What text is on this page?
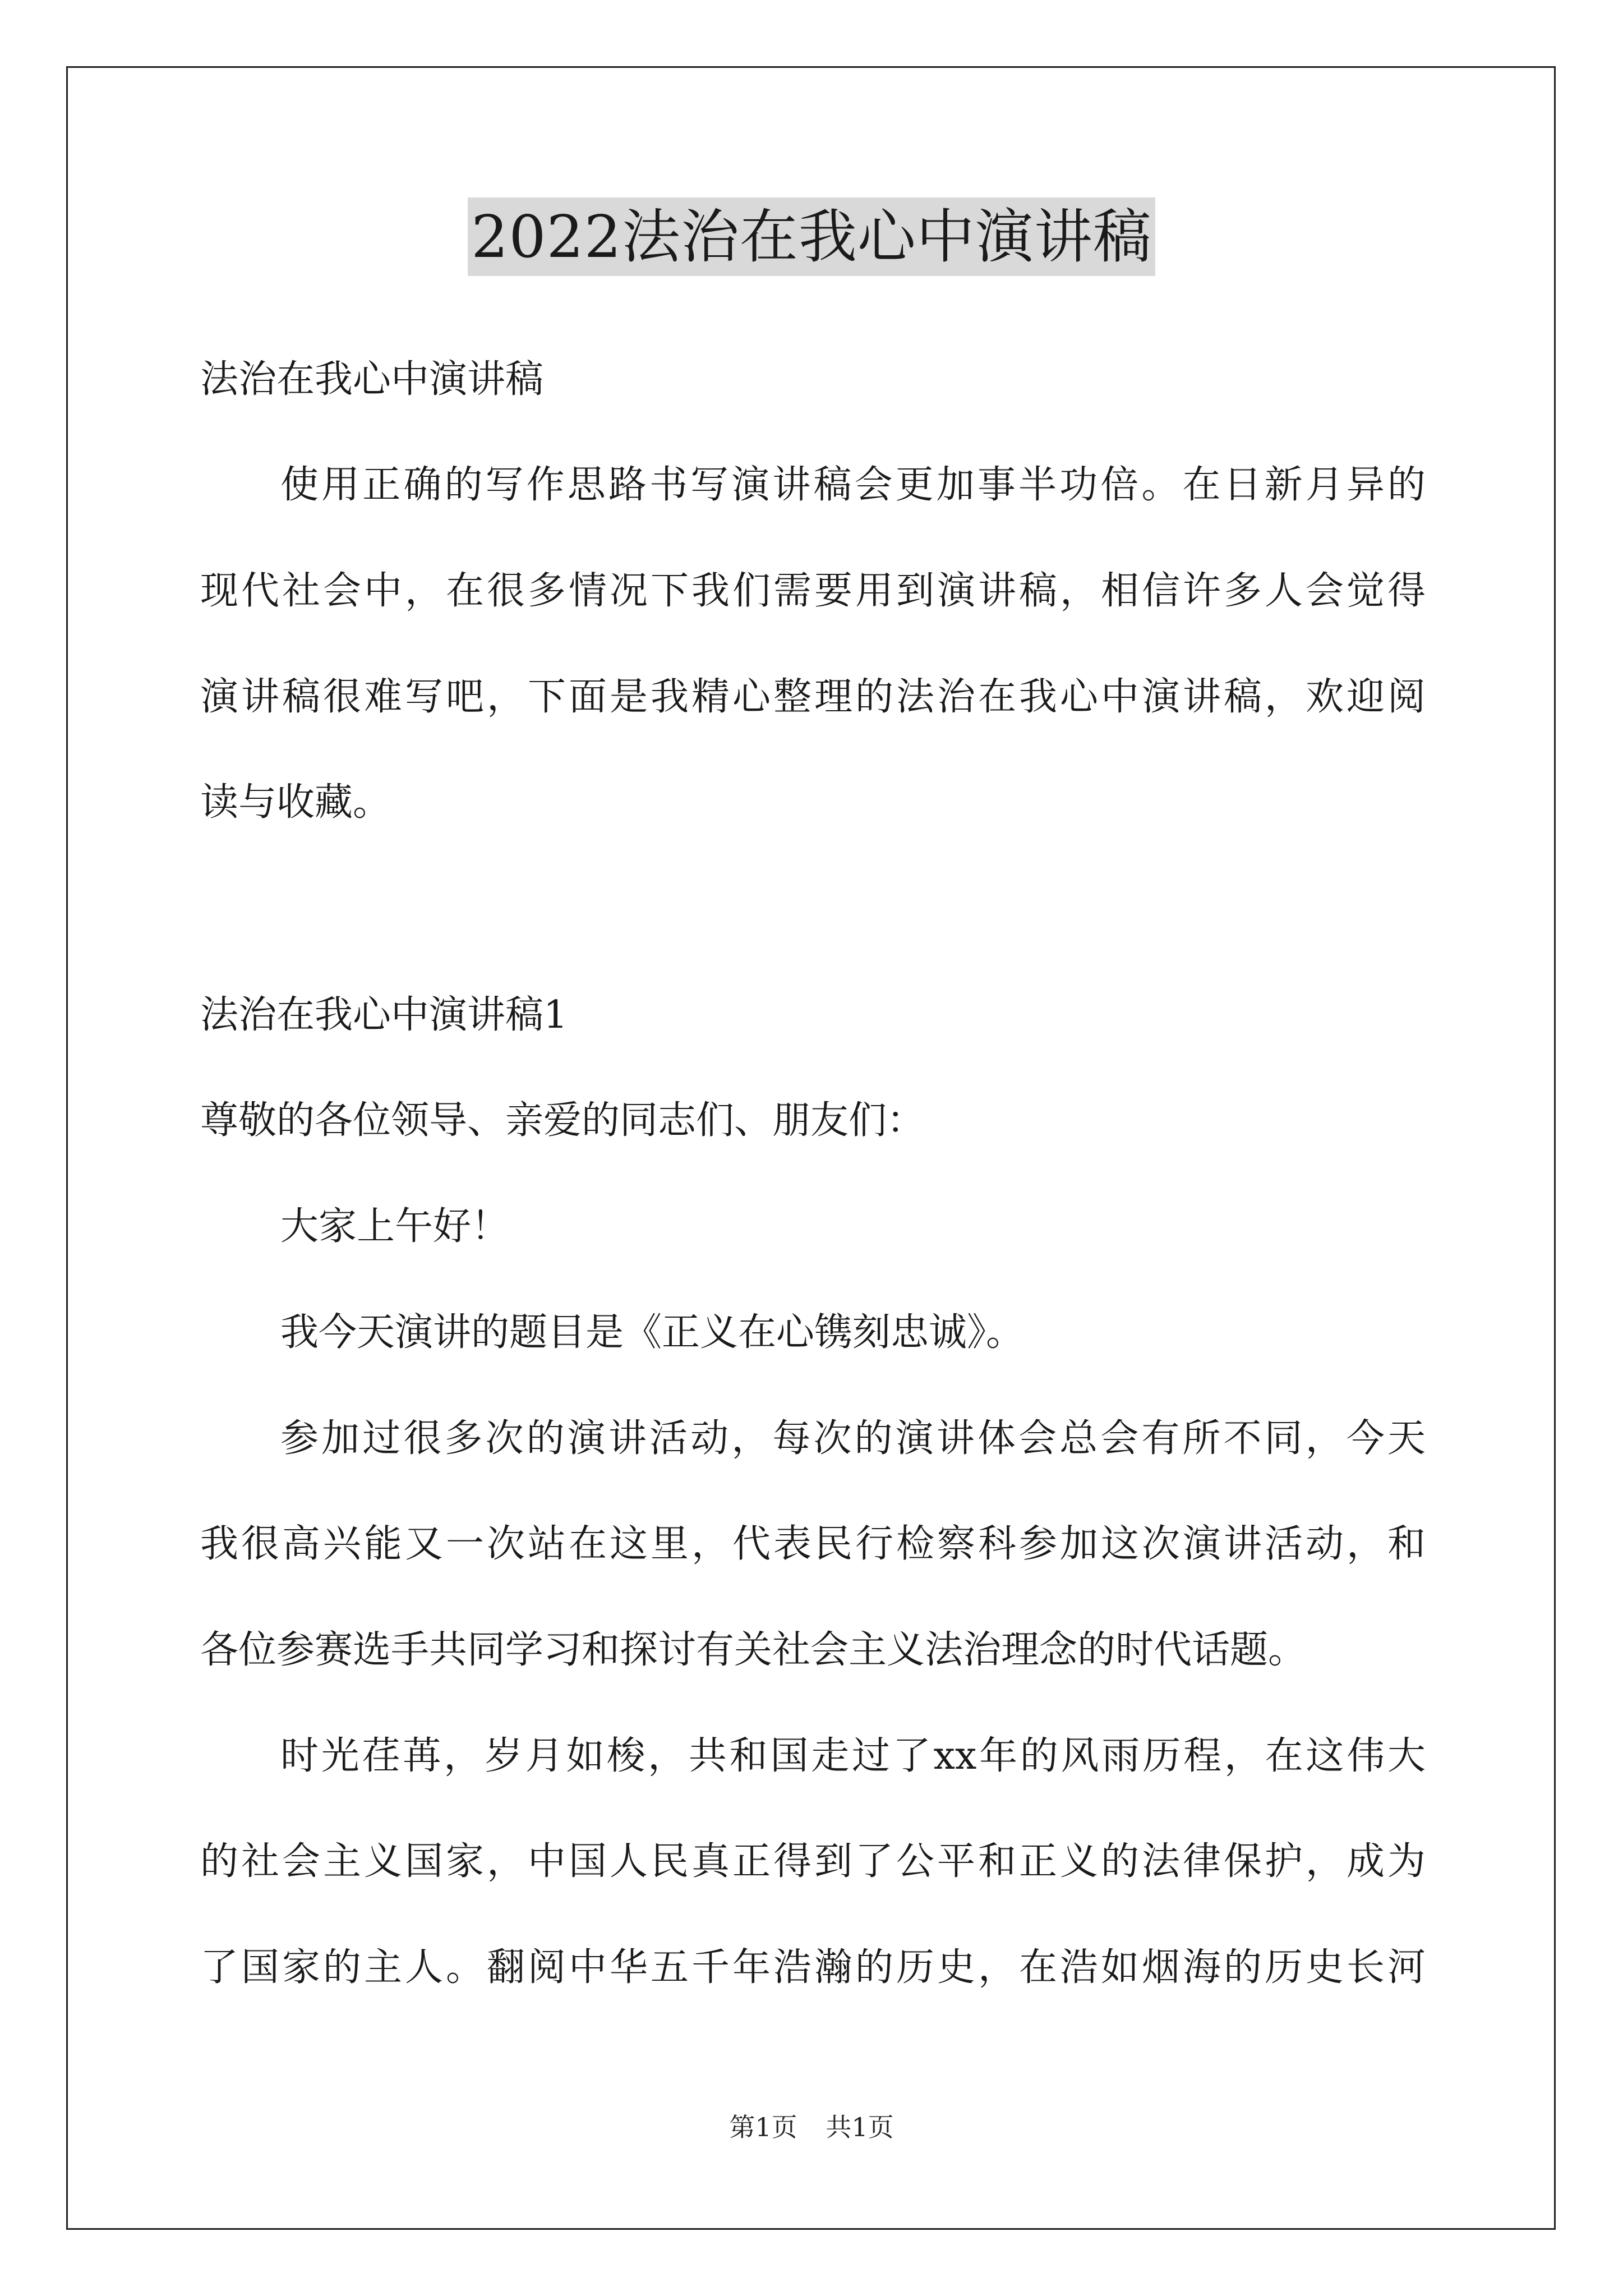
2022法治在我心中演讲稿
法治在我心中演讲稿
使用正确的写作思路书写演讲稿会更加事半功倍。在日新月异的
现代社会中，在很多情况下我们需要用到演讲稿，相信许多人会觉得
演讲稿很难写吧，下面是我精心整理的法治在我心中演讲稿，欢迎阅
读与收藏。
法治在我心中演讲稿1
尊敬的各位领导、亲爱的同志们、朋友们：
大家上午好！
我今天演讲的题目是《正义在心镌刻忠诚》。
参加过很多次的演讲活动，每次的演讲体会总会有所不同，今天
我很高兴能又一次站在这里，代表民行检察科参加这次演讲活动，和
各位参赛选手共同学习和探讨有关社会主义法治理念的时代话题。
时光荏苒，岁月如梭，共和国走过了xx年的风雨历程，在这伟大
的社会主义国家，中国人民真正得到了公平和正义的法律保护，成为
了国家的主人。翻阅中华五千年浩瀚的历史，在浩如烟海的历史长河
第1页 共1页
